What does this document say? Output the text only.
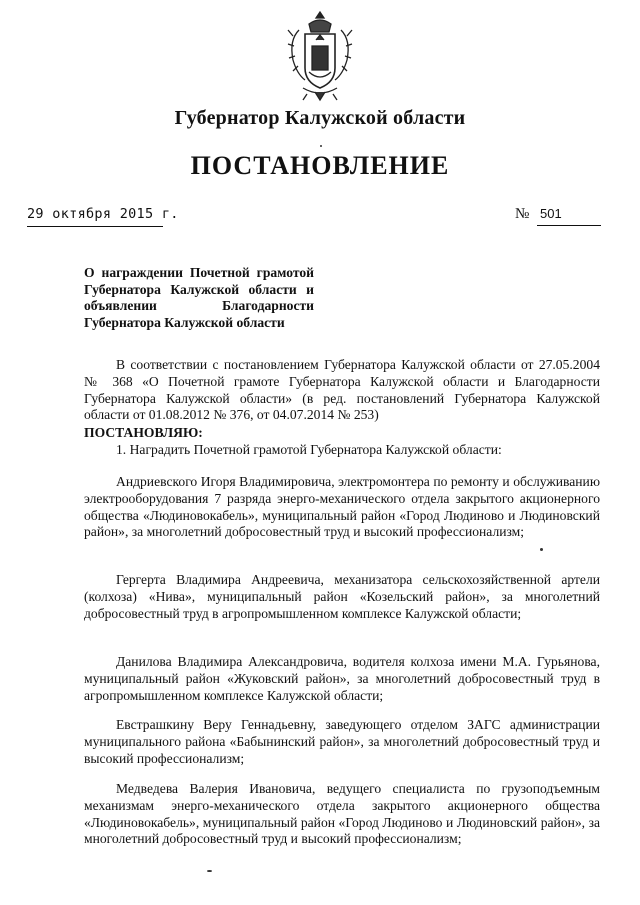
Губернатор Калужской области
ПОСТАНОВЛЕНИЕ
29 октября 2015 г.	№ 501
О награждении Почетной грамотой Губернатора Калужской области и объявлении Благодарности Губернатора Калужской области
В соответствии с постановлением Губернатора Калужской области от 27.05.2004 № 368 «О Почетной грамоте Губернатора Калужской области и Благодарности Губернатора Калужской области» (в ред. постановлений Губернатора Калужской области от 01.08.2012 № 376, от 04.07.2014 № 253)
ПОСТАНОВЛЯЮ:
1. Наградить Почетной грамотой Губернатора Калужской области:
Андриевского Игоря Владимировича, электромонтера по ремонту и обслуживанию электрооборудования 7 разряда энерго-механического отдела закрытого акционерного общества «Людиновокабель», муниципальный район «Город Людиново и Людиновский район», за многолетний добросовестный труд и высокий профессионализм;
Гергерта Владимира Андреевича, механизатора сельскохозяйственной артели (колхоза) «Нива», муниципальный район «Козельский район», за многолетний добросовестный труд в агропромышленном комплексе Калужской области;
Данилова Владимира Александровича, водителя колхоза имени М.А. Гурьянова, муниципальный район «Жуковский район», за многолетний добросовестный труд в агропромышленном комплексе Калужской области;
Евстрашкину Веру Геннадьевну, заведующего отделом ЗАГС администрации муниципального района «Бабынинский район», за многолетний добросовестный труд и высокий профессионализм;
Медведева Валерия Ивановича, ведущего специалиста по грузоподъемным механизмам энерго-механического отдела закрытого акционерного общества «Людиновокабель», муниципальный район «Город Людиново и Людиновский район», за многолетний добросовестный труд и высокий профессионализм;
